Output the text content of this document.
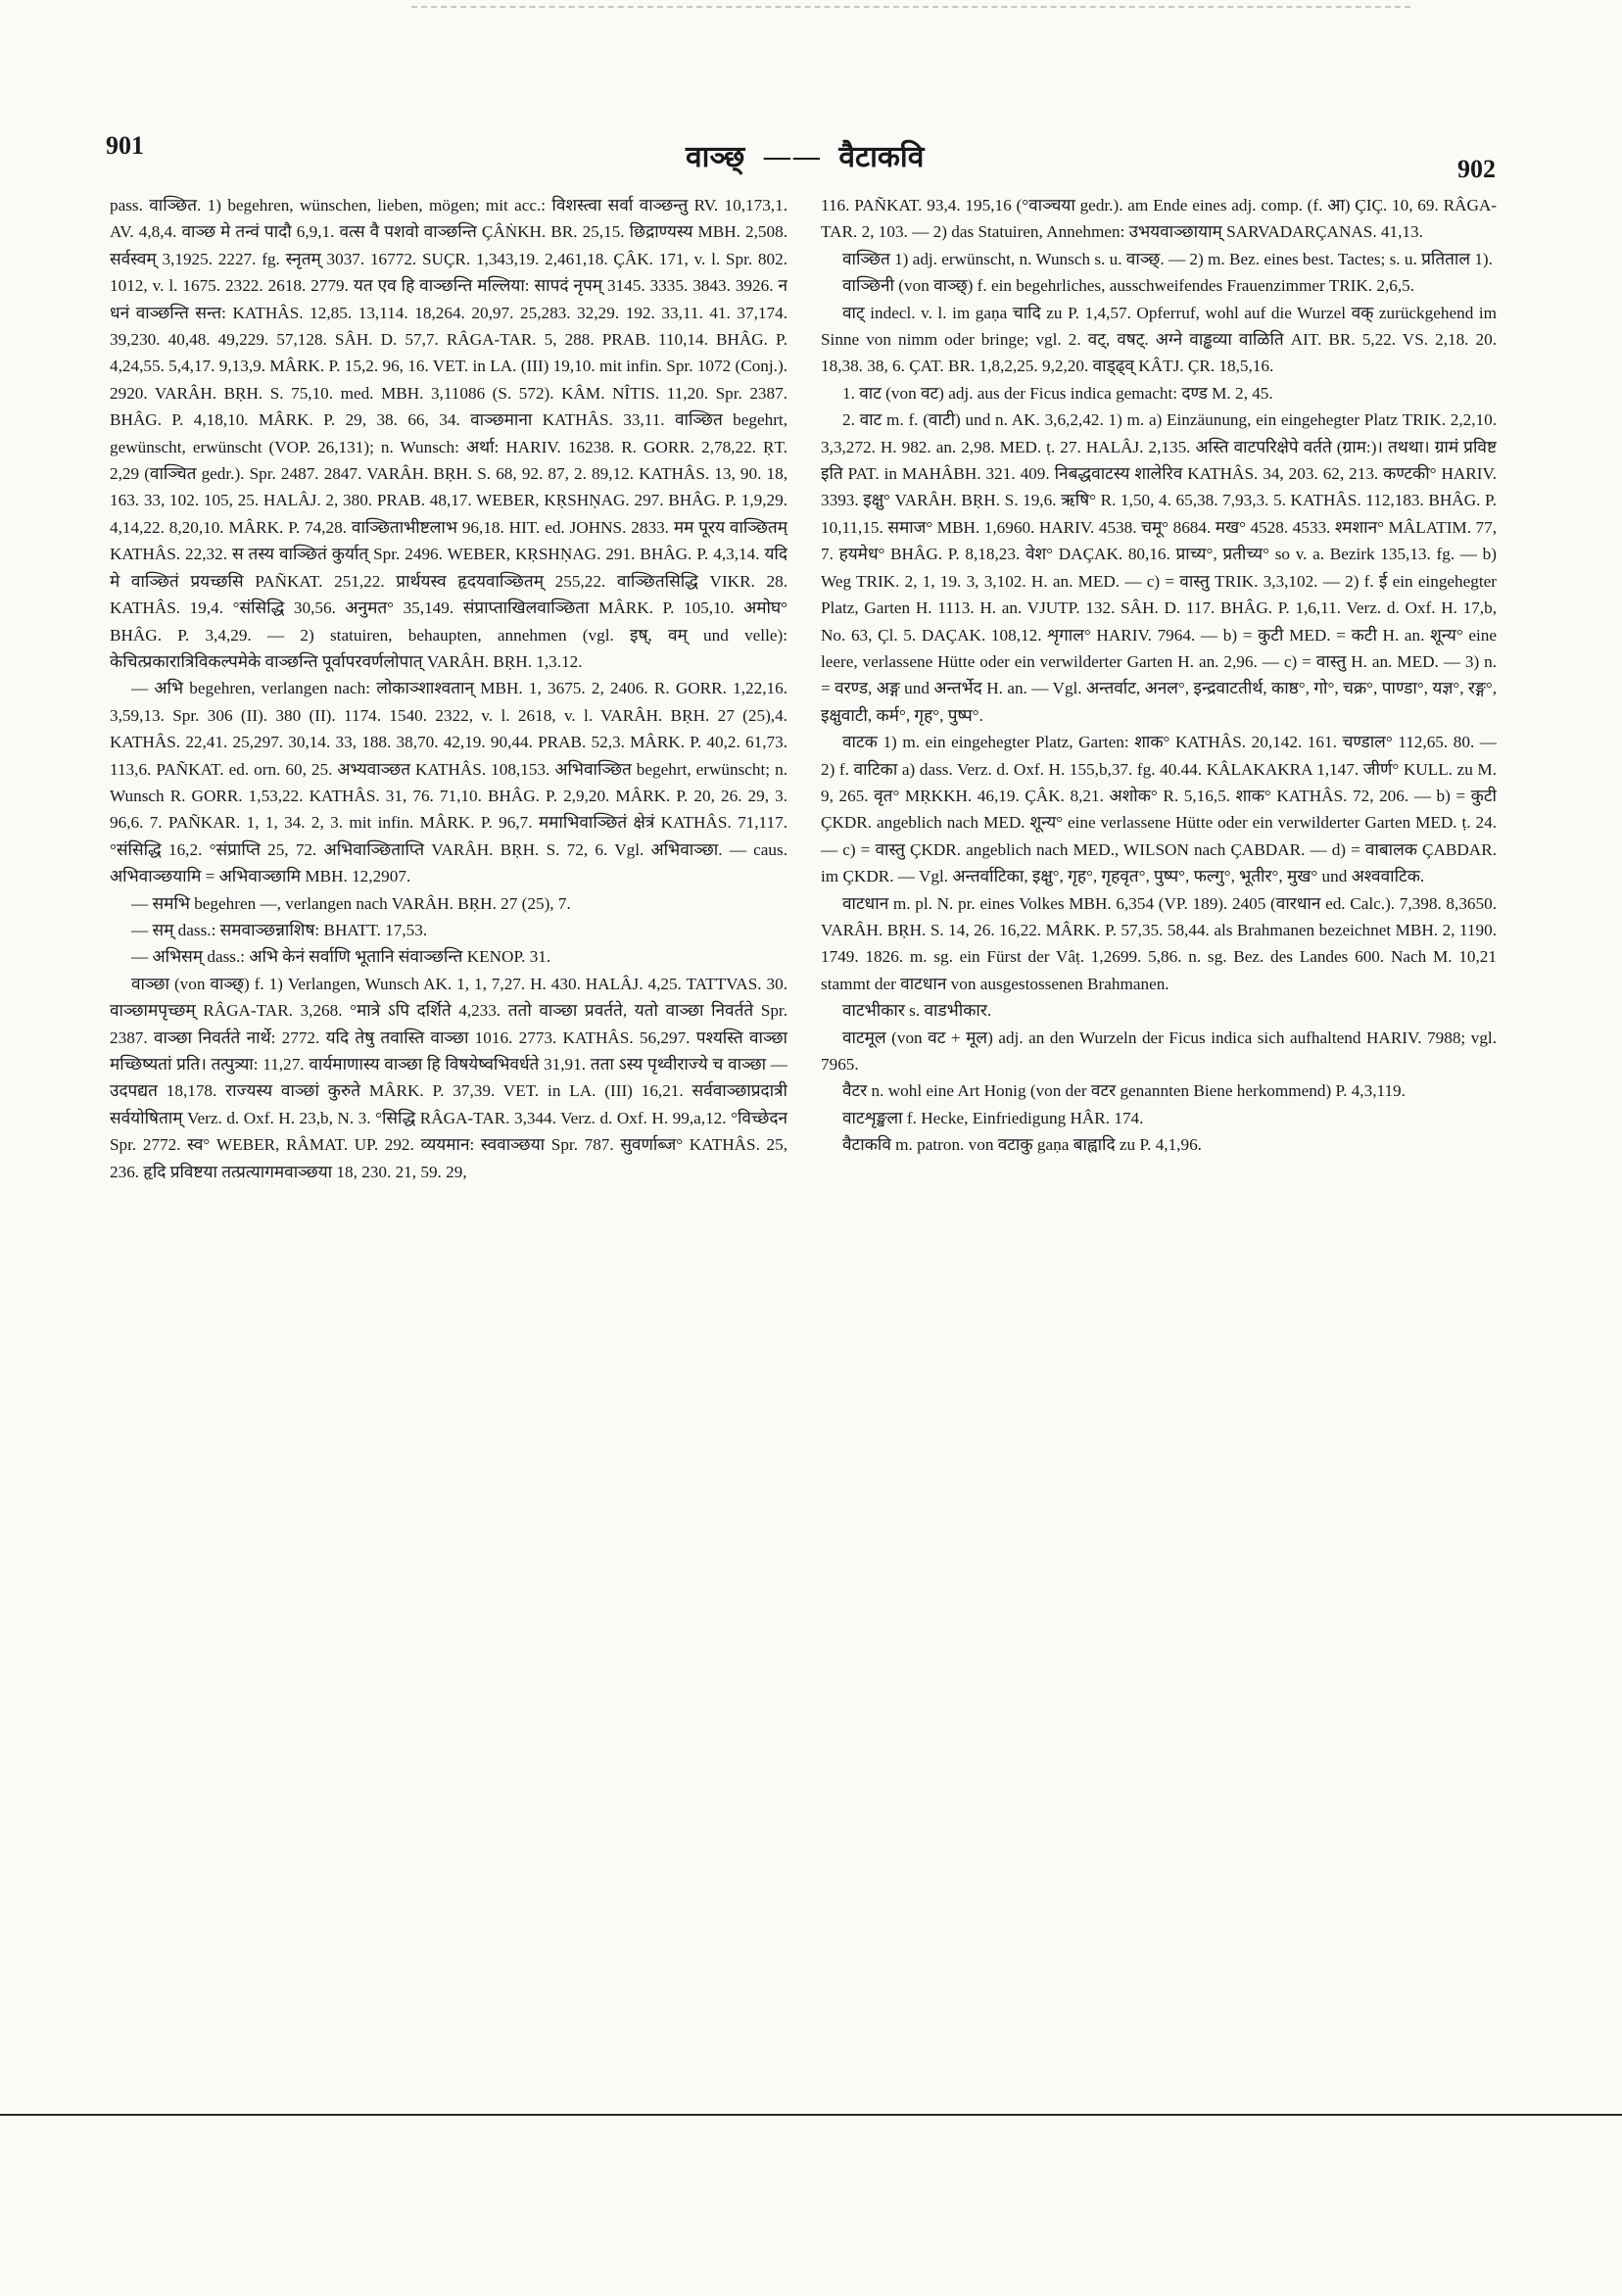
901	वाञ्छ् —— वैटाकवि	902

pass. वाञ्छित. 1) begehren, wünschen, lieben, mögen; mit acc.: विशस्त्वा सर्वा वाञ्छन्तु RV. 10,173,1. AV. 4,8,4. वाञ्छ मे तन्वं पादौ 6,9,1. वत्स वै पशवो वाञ्छन्ति ÇÂṄKH. BR. 25,15. छिद्राण्यस्य MBH. 2,508. सर्वस्वम् 3,1925. 2227. fg. स्नृतम् 3037. 16772. SUÇR. 1,343,19. 2,461,18. ÇÂK. 171, v. l. Spr. 802. 1012, v. l. 1675. 2322. 2618. 2779. यत एव हि वाञ्छन्ति मल्लिया: सापदं नृपम् 3145. 3335. 3843. 3926. न धनं वाञ्छन्ति सन्त: KATHÂS. 12,85. 13,114. 18,264. 20,97. 25,283. 32,29. 192. 33,11. 41. 37,174. 39,230. 40,48. 49,229. 57,128. SÂH. D. 57,7. RÂGA-TAR. 5, 288. PRAB. 110,14. BHÂG. P. 4,24,55. 5,4,17. 9,13,9. MÂRK. P. 15,2. 96, 16. VET. in LA. (III) 19,10. mit infin. Spr. 1072 (Conj.). 2920. VARÂH. BṚH. S. 75,10. med. MBH. 3,11086 (S. 572). KÂM. NÎTIS. 11,20. Spr. 2387. BHÂG. P. 4,18,10. MÂRK. P. 29, 38. 66, 34. वाञ्छमाना KATHÂS. 33,11. वाञ्छित begehrt, gewünscht, erwünscht (VOP. 26,131); n. Wunsch: अर्था: HARIV. 16238. R. GORR. 2,78,22. ṚT. 2,29 (वाञ्चित gedr.). Spr. 2487. 2847. VARÂH. BṚH. S. 68, 92. 87, 2. 89,12. KATHÂS. 13, 90. 18, 163. 33, 102. 105, 25. HALÂJ. 2, 380. PRAB. 48,17. WEBER, KṚSHṆAG. 297. BHÂG. P. 1,9,29. 4,14,22. 8,20,10. MÂRK. P. 74,28. वाञ्छिताभीष्टलाभ 96,18. HIT. ed. JOHNS. 2833. मम पूरय वाञ्छितम् KATHÂS. 22,32. स तस्य वाञ्छितं कुर्यात् Spr. 2496. WEBER, KṚSHṆAG. 291. BHÂG. P. 4,3,14. यदि मे वाञ्छितं प्रयच्छसि PAÑKAT. 251,22. प्रार्थयस्व हृदयवाञ्छितम् 255,22. वाञ्छितसिद्धि VIKR. 28. KATHÂS. 19,4. °संसिद्धि 30,56. अनुमत° 35,149. संप्राप्ताखिलवाञ्छिता MÂRK. P. 105,10. अमोघ° BHÂG. P. 3,4,29. — 2) statuiren, behaupten, annehmen (vgl. इष्, वम् und velle): केचित्प्रकारात्रिविकल्पमेके वाञ्छन्ति पूर्वापरवर्णलोपात् VARÂH. BṚH. 1,3.12.

— अभि begehren, verlangen nach: लोकाञ्शाश्वतान् MBH. 1, 3675. 2, 2406. R. GORR. 1,22,16. 3,59,13. Spr. 306 (II). 380 (II). 1174. 1540. 2322, v. l. 2618, v. l. VARÂH. BṚH. 27 (25),4. KATHÂS. 22,41. 25,297. 30,14. 33, 188. 38,70. 42,19. 90,44. PRAB. 52,3. MÂRK. P. 40,2. 61,73. 113,6. PAÑKAT. ed. orn. 60, 25. अभ्यवाञ्छत KATHÂS. 108,153. अभिवाञ्छित begehrt, erwünscht; n. Wunsch R. GORR. 1,53,22. KATHÂS. 31, 76. 71,10. BHÂG. P. 2,9,20. MÂRK. P. 20, 26. 29, 3. 96,6. 7. PAÑKAR. 1, 1, 34. 2, 3. mit infin. MÂRK. P. 96,7. ममाभिवाञ्छितं क्षेत्रं KATHÂS. 71,117. °संसिद्धि 16,2. °संप्राप्ति 25, 72. अभिवाञ्छिताप्ति VARÂH. BṚH. S. 72, 6. Vgl. अभिवाञ्छा. — caus. अभिवाञ्छयामि = अभिवाञ्छामि MBH. 12,2907.

— समभि begehren —, verlangen nach VARÂH. BṚH. 27 (25), 7.

— सम् dass.: समवाञ्छन्नाशिष: BHATT. 17,53.

— अभिसम् dass.: अभि केनं सर्वाणि भूतानि संवाञ्छन्ति KENOP. 31.

वाञ्छा (von वाञ्छ्) f. 1) Verlangen, Wunsch AK. 1, 1, 7,27. H. 430. HALÂJ. 4,25. TATTVAS. 30. वाञ्छामपृच्छम् RÂGA-TAR. 3,268. °मात्रे ऽपि दर्शिते 4,233. ततो वाञ्छा प्रवर्तते, यतो वाञ्छा निवर्तते Spr. 2387. वाञ्छा निवर्तते नार्थे: 2772. यदि तेषु तवास्ति वाञ्छा 1016. 2773. KATHÂS. 56,297. पश्यस्ति वाञ्छा मच्छिष्यतां प्रति। तत्पुत्र्या: 11,27. वार्यमाणास्य वाञ्छा हि विषयेष्वभिवर्धते 31,91. तता ऽस्य पृथ्वीराज्ये च वाञ्छा — उदपद्यत 18,178. राज्यस्य वाञ्छां कुरुते MÂRK. P. 37,39. VET. in LA. (III) 16,21. सर्ववाञ्छाप्रदात्री सर्वयोषिताम् Verz. d. Oxf. H. 23,b, N. 3. °सिद्धि RÂGA-TAR. 3,344. Verz. d. Oxf. H. 99,a,12. °विच्छेदन Spr. 2772. स्व° WEBER, RÂMAT. UP. 292. व्ययमान: स्ववाञ्छया Spr. 787. सुवर्णाब्ज° KATHÂS. 25, 236. हृदि प्रविष्टया तत्प्रत्यागमवाञ्छया 18, 230. 21, 59. 29,

116. PAÑKAT. 93,4. 195,16 (°वाञ्चया gedr.). am Ende eines adj. comp. (f. आ) ÇIÇ. 10, 69. RÂGA-TAR. 2, 103. — 2) das Statuiren, Annehmen: उभयवाञ्छायाम् SARVADARÇANAS. 41,13.

वाञ्छित 1) adj. erwünscht, n. Wunsch s. u. वाञ्छ्. — 2) m. Bez. eines best. Tactes; s. u. प्रतिताल 1).

वाञ्छिनी (von वाञ्छ्) f. ein begehrliches, ausschweifendes Frauenzimmer TRIK. 2,6,5.

वाट् indecl. v. l. im gaṇa चादि zu P. 1,4,57. Opferruf, wohl auf die Wurzel वक् zurückgehend im Sinne von nimm oder bringe; vgl. 2. वट्, वषट्. अग्ने वाड्ढव्या वाळिति AIT. BR. 5,22. VS. 2,18. 20. 18,38. 38, 6. ÇAT. BR. 1,8,2,25. 9,2,20. वाड्ढ्व् KÂTJ. ÇR. 18,5,16.

1. वाट (von वट) adj. aus der Ficus indica gemacht: दण्ड M. 2, 45.

2. वाट m. f. (वाटी) und n. AK. 3,6,2,42. 1) m. a) Einzäunung, ein eingehegter Platz TRIK. 2,2,10. 3,3,272. H. 982. an. 2,98. MED. ṭ. 27. HALÂJ. 2,135. अस्ति वाटपरिक्षेपे वर्तते (ग्राम:)। तथथा। ग्रामं प्रविष्ट इति PAT. in MAHÂBH. 321. 409. निबद्धवाटस्य शालेरिव KATHÂS. 34, 203. 62, 213. कण्टकी° HARIV. 3393. इक्षु° VARÂH. BṚH. S. 19,6. ऋषि° R. 1,50, 4. 65,38. 7,93,3. 5. KATHÂS. 112,183. BHÂG. P. 10,11,15. समाज° MBH. 1,6960. HARIV. 4538. चमू° 8684. मख° 4528. 4533. श्मशान° MÂLATIM. 77, 7. हयमेध° BHÂG. P. 8,18,23. वेश° DAÇAK. 80,16. प्राच्य°, प्रतीच्य° so v. a. Bezirk 135,13. fg. — b) Weg TRIK. 2, 1, 19. 3, 3,102. H. an. MED. — c) = वास्तु TRIK. 3,3,102. — 2) f. ई ein eingehegter Platz, Garten H. 1113. H. an. VJUTP. 132. SÂH. D. 117. BHÂG. P. 1,6,11. Verz. d. Oxf. H. 17,b, No. 63, Çl. 5. DAÇAK. 108,12. शृगाल° HARIV. 7964. — b) = कुटी MED. = कटी H. an. शून्य° eine leere, verlassene Hütte oder ein verwilderter Garten H. an. 2,96. — c) = वास्तु H. an. MED. — 3) n. = वरण्ड, अङ्ग und अन्तर्भेद H. an. — Vgl. अन्तर्वाट, अनल°, इन्द्रवाटतीर्थ, काष्ठ°, गो°, चक्र°, पाण्डा°, यज्ञ°, रङ्ग°, इक्षुवाटी, कर्म°, गृह°, पुष्प°.

वाटक 1) m. ein eingehegter Platz, Garten: शाक° KATHÂS. 20,142. 161. चण्डाल° 112,65. 80. — 2) f. वाटिका a) dass. Verz. d. Oxf. H. 155,b,37. fg. 40.44. KÂLAKAKRA 1,147. जीर्ण° KULL. zu M. 9, 265. वृत° MṚKKH. 46,19. ÇÂK. 8,21. अशोक° R. 5,16,5. शाक° KATHÂS. 72, 206. — b) = कुटी ÇKDR. angeblich nach MED. शून्य° eine verlassene Hütte oder ein verwilderter Garten MED. ṭ. 24. — c) = वास्तु ÇKDR. angeblich nach MED., WILSON nach ÇABDAR. — d) = वाबालक ÇABDAR. im ÇKDR. — Vgl. अन्तर्वाटिका, इक्षु°, गृह°, गृहवृत°, पुष्प°, फल्गु°, भूतीर°, मुख° und अश्ववाटिक.

वाटधान m. pl. N. pr. eines Volkes MBH. 6,354 (VP. 189). 2405 (वारधान ed. Calc.). 7,398. 8,3650. VARÂH. BṚH. S. 14, 26. 16,22. MÂRK. P. 57,35. 58,44. als Brahmanen bezeichnet MBH. 2, 1190. 1749. 1826. m. sg. ein Fürst der Vâṭ. 1,2699. 5,86. n. sg. Bez. des Landes 600. Nach M. 10,21 stammt der वाटधान von ausgestossenen Brahmanen.

वाटभीकार s. वाडभीकार.

वाटमूल (von वट + मूल) adj. an den Wurzeln der Ficus indica sich aufhaltend HARIV. 7988; vgl. 7965.

वैटर n. wohl eine Art Honig (von der वटर genannten Biene herkommend) P. 4,3,119.

वाटशृङ्खला f. Hecke, Einfriedigung HÂR. 174.

वैटाकवि m. patron. von वटाकु gaṇa बाह्वादि zu P. 4,1,96.
